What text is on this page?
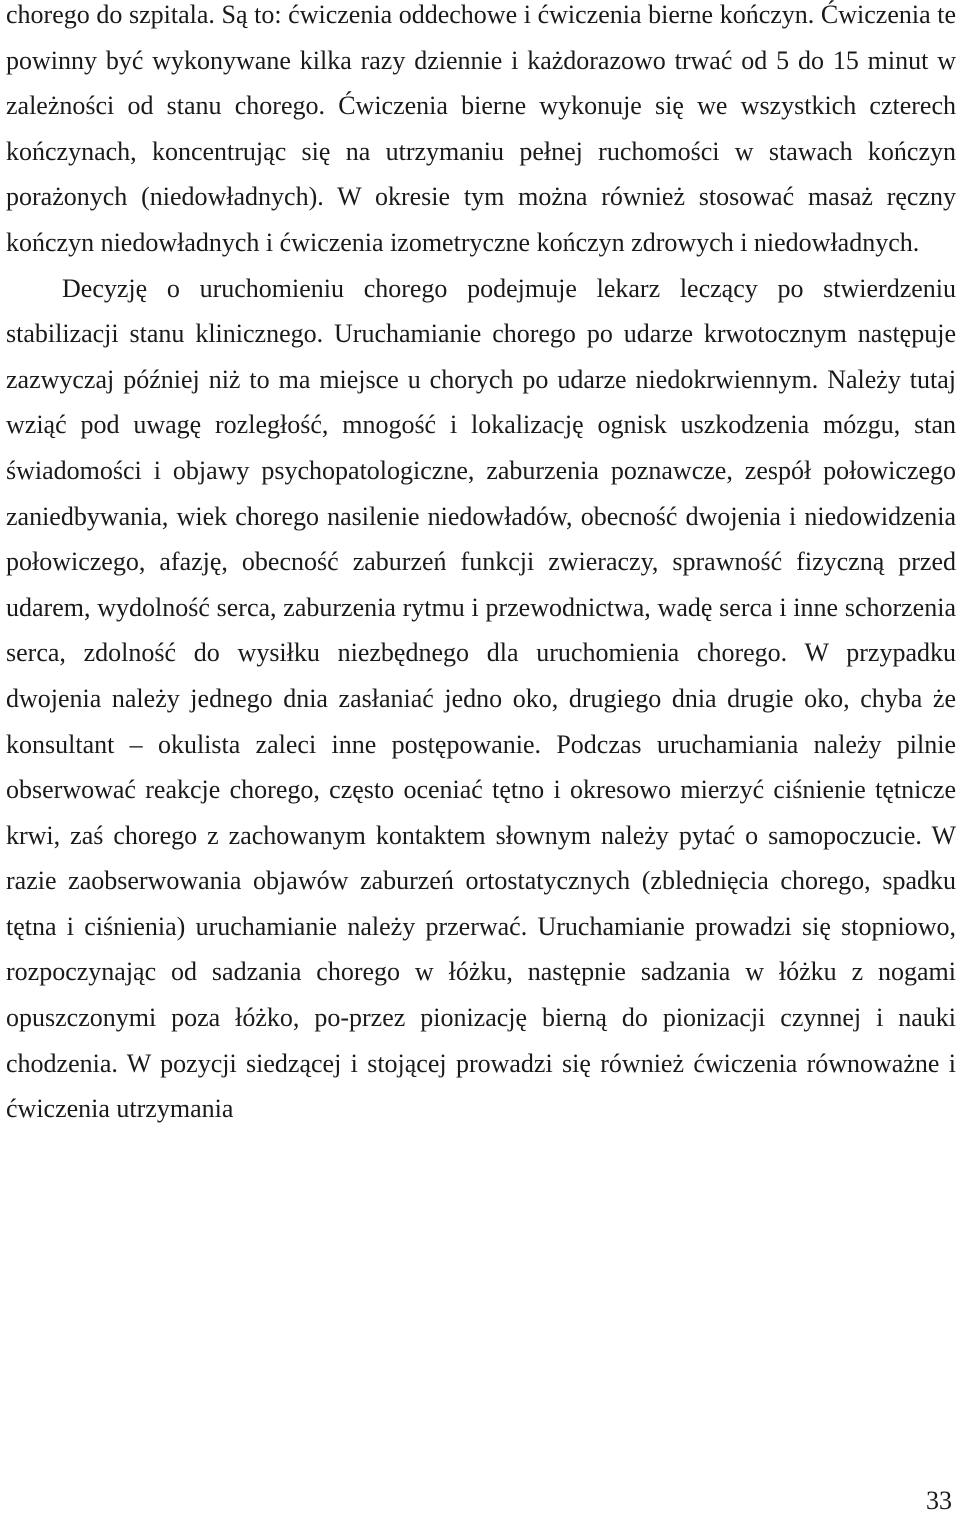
chorego do szpitala. Są to: ćwiczenia oddechowe i ćwiczenia bierne kończyn. Ćwiczenia te powinny być wykonywane kilka razy dziennie i każdorazowo trwać od 5 do 15 minut w zależności od stanu chorego. Ćwiczenia bierne wykonuje się we wszystkich czterech kończynach, koncentrując się na utrzymaniu pełnej ruchomości w stawach kończyn porażonych (niedowładnych). W okresie tym można również stosować masaż ręczny kończyn niedowładnych i ćwiczenia izometryczne kończyn zdrowych i niedowładnych.

Decyzję o uruchomieniu chorego podejmuje lekarz leczący po stwierdzeniu stabilizacji stanu klinicznego. Uruchamianie chorego po udarze krwotocznym następuje zazwyczaj później niż to ma miejsce u chorych po udarze niedokrwiennym. Należy tutaj wziąć pod uwagę rozległość, mnogość i lokalizację ognisk uszkodzenia mózgu, stan świadomości i objawy psychopatologiczne, zaburzenia poznawcze, zespół połowiczego zaniedbywania, wiek chorego nasilenie niedowładów, obecność dwojenia i niedowidzenia połowiczego, afazję, obecność zaburzeń funkcji zwieraczy, sprawność fizyczną przed udarem, wydolność serca, zaburzenia rytmu i przewodnictwa, wadę serca i inne schorzenia serca, zdolność do wysiłku niezbędnego dla uruchomienia chorego. W przypadku dwojenia należy jednego dnia zasłaniać jedno oko, drugiego dnia drugie oko, chyba że konsultant – okulista zaleci inne postępowanie. Podczas uruchamiania należy pilnie obserwować reakcje chorego, często oceniać tętno i okresowo mierzyć ciśnienie tętnicze krwi, zaś chorego z zachowanym kontaktem słownym należy pytać o samopoczucie. W razie zaobserwowania objawów zaburzeń ortostatycznych (zblednięcia chorego, spadku tętna i ciśnienia) uruchamianie należy przerwać. Uruchamianie prowadzi się stopniowo, rozpoczynając od sadzania chorego w łóżku, następnie sadzania w łóżku z nogami opuszczonymi poza łóżko, po-przez pionizację bierną do pionizacji czynnej i nauki chodzenia. W pozycji siedzącej i stojącej prowadzi się również ćwiczenia równoważne i ćwiczenia utrzymania

33
